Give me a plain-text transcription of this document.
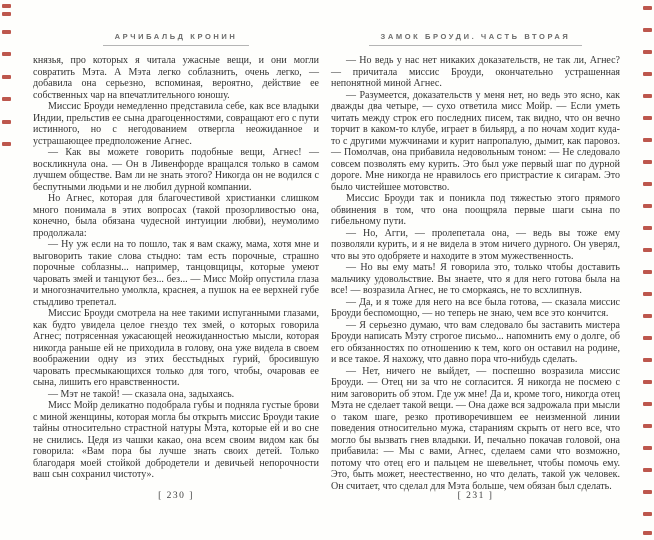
АРЧИБАЛЬД КРОНИН

князья, про которых я читала ужасные вещи, и они могли совратить Мэта. А Мэта легко соблазнить, очень легко, — добавила она серьезно, вспоминая, вероятно, действие ее собственных чар на впечатлительного юношу.

Миссис Броуди немедленно представила себе, как все владыки Индии, прельстив ее сына драгоценностями, совращают его с пути истинного, но с негодованием отвергла неожиданное и устрашающее предположение Агнес.

— Как вы можете говорить подобные вещи, Агнес! — воскликнула она. — Он в Ливенфорде вращался только в самом лучшем обществе. Вам ли не знать этого? Никогда он не водился с беспутными людьми и не любил дурной компании.

Но Агнес, которая для благочестивой христианки слишком много понимала в этих вопросах (такой прозорливостью она, конечно, была обязана чудесной интуиции любви), неумолимо продолжала:

— Ну уж если на то пошло, так я вам скажу, мама, хотя мне и выговорить такие слова стыдно: там есть порочные, страшно порочные соблазны... например, танцовщицы, которые умеют чаровать змей и танцуют без... без... — Мисс Мойр опустила глаза и многозначительно умолкла, краснея, а пушок на ее верхней губе стыдливо трепетал.

Миссис Броуди смотрела на нее такими испуганными глазами, как будто увидела целое гнездо тех змей, о которых говорила Агнес; потрясенная ужасающей неожиданностью мысли, которая никогда раньше ей не приходила в голову, она уже видела в своем воображении одну из этих бесстыдных гурий, бросившую чаровать пресмыкающихся только для того, чтобы, очаровав ее сына, лишить его нравственности.

— Мэт не такой! — сказала она, задыхаясь.

Мисс Мойр деликатно подобрала губы и подняла густые брови с миной женщины, которая могла бы открыть миссис Броуди такие тайны относительно страстной натуры Мэта, которые ей и во сне не снились. Цедя из чашки какао, она всем своим видом как бы говорила: «Вам пора бы лучше знать своих детей. Только благодаря моей стойкой добродетели и девичьей непорочности ваш сын сохранил чистоту».

[ 230 ]
ЗАМОК БРОУДИ. ЧАСТЬ ВТОРАЯ

— Но ведь у нас нет никаких доказательств, не так ли, Агнес? — причитала миссис Броуди, окончательно устрашенная непонятной миной Агнес.

— Разумеется, доказательств у меня нет, но ведь это ясно, как дважды два четыре, — сухо ответила мисс Мойр. — Если уметь читать между строк его последних писем, так видно, что он вечно торчит в каком-то клубе, играет в бильярд, а по ночам ходит куда-то с другими мужчинами и курит напропалую, дымит, как паровоз. — Помолчав, она прибавила недовольным тоном: — Не следовало совсем позволять ему курить. Это был уже первый шаг по дурной дороге. Мне никогда не нравилось его пристрастие к сигарам. Это было чистейшее мотовство.

Миссис Броуди так и поникла под тяжестью этого прямого обвинения в том, что она поощряла первые шаги сына по гибельному пути.

— Но, Агги, — пролепетала она, — ведь вы тоже ему позволяли курить, и я не видела в этом ничего дурного. Он уверял, что вы это одобряете и находите в этом мужественность.

— Но вы ему мать! Я говорила это, только чтобы доставить мальчику удовольствие. Вы знаете, что я для него готова была на все! — возразила Агнес, не то сморкаясь, не то всхлипнув.

— Да, и я тоже для него на все была готова, — сказала миссис Броуди беспомощно, — но теперь не знаю, чем все это кончится.

— Я серьезно думаю, что вам следовало бы заставить мистера Броуди написать Мэту строгое письмо... напомнить ему о долге, об его обязанностях по отношению к тем, кого он оставил на родине, и все такое. Я нахожу, что давно пора что-нибудь сделать.

— Нет, ничего не выйдет, — поспешно возразила миссис Броуди. — Отец ни за что не согласится. Я никогда не посмею с ним заговорить об этом. Где уж мне! Да и, кроме того, никогда отец Мэта не сделает такой вещи. — Она даже вся задрожала при мысли о таком шаге, резко противоречившем ее неизменной линии поведения относительно мужа, стараниям скрыть от него все, что могло бы вызвать гнев владыки. И, печально покачав головой, она прибавила: — Мы с вами, Агнес, сделаем сами что возможно, потому что отец его и пальцем не шевельнет, чтобы помочь ему. Это, быть может, неестественно, но что делать, такой уж человек. Он считает, что сделал для Мэта больше, чем обязан был сделать.

[ 231 ]
